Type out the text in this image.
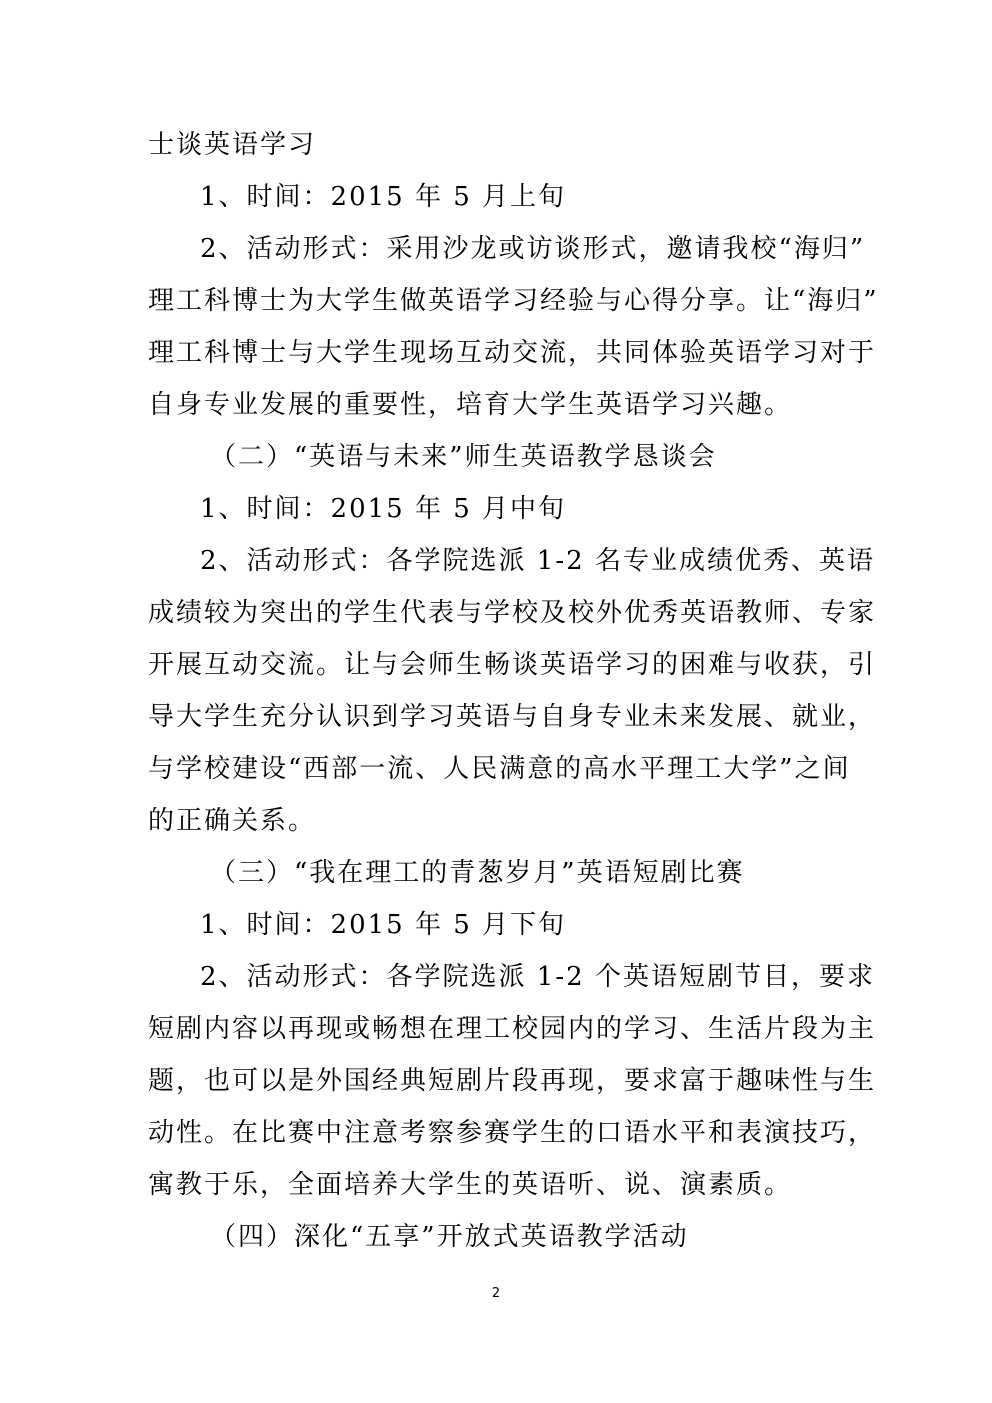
士谈英语学习
1、时间：2015 年 5 月上旬
2、活动形式：采用沙龙或访谈形式，邀请我校“海归”
理工科博士为大学生做英语学习经验与心得分享。让“海归”
理工科博士与大学生现场互动交流，共同体验英语学习对于
自身专业发展的重要性，培育大学生英语学习兴趣。
（二）“英语与未来”师生英语教学恳谈会
1、时间：2015 年 5 月中旬
2、活动形式：各学院选派 1-2 名专业成绩优秀、英语
成绩较为突出的学生代表与学校及校外优秀英语教师、专家
开展互动交流。让与会师生畅谈英语学习的困难与收获，引
导大学生充分认识到学习英语与自身专业未来发展、就业，
与学校建设“西部一流、人民满意的高水平理工大学”之间
的正确关系。
（三）“我在理工的青葱岁月”英语短剧比赛
1、时间：2015 年 5 月下旬
2、活动形式：各学院选派 1-2 个英语短剧节目，要求
短剧内容以再现或畅想在理工校园内的学习、生活片段为主
题，也可以是外国经典短剧片段再现，要求富于趣味性与生
动性。在比赛中注意考察参赛学生的口语水平和表演技巧，
寓教于乐，全面培养大学生的英语听、说、演素质。
（四）深化“五享”开放式英语教学活动
2
